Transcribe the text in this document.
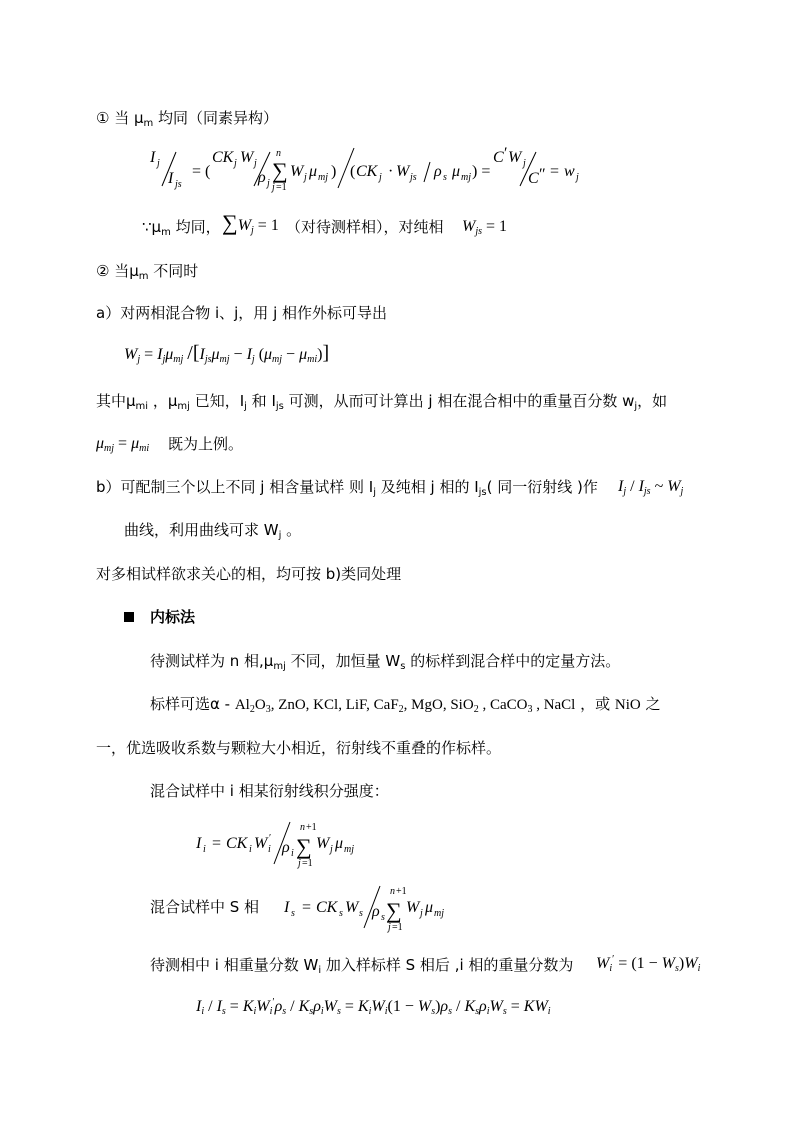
① 当 $\mu_m$ 均同（同素异构）
I j
I js
= (
CK j W j
ρ j
n
∑
j =1
W j μ mj ) ( CK j · W js ρ s μ mj ) =
C ′ W j
C ″ = w j
$\because\mu_m$ 均同， $\sum W_j = 1$ （对待测样相），对纯相 $W_{js} = 1$
② 当$\mu_m$ 不同时
a）对两相混合物 i、j，用 j 相作外标可导出
$W_j = I_j\mu_{mj}$ $/[I_{js}\mu_{mj} - I_j$ $(\mu_{mj} - \mu_{mi})$]
其中$\mu_{mi}$ ，$\mu_{mj}$ 已知，$I_j$ 和 $I_{js}$ 可测，从而可计算出 j 相在混合相中的重量百分数 $w_j$，如
$\mu_{mj} = \mu_{mi}$ 既为上例。
b）可配制三个以上不同 j 相含量试样 则 $I_j$ 及纯相 j 相的 $I_{js}$( 同一衍射线 )作 $I_j / I_{js}$ ~ $W_j$
曲线，利用曲线可求 $W_j$ 。
对多相试样欲求关心的相，均可按 b)类同处理
内标法
待测试样为 n 相$,\mu_{mj}$ 不同，加恒量 $W_s$ 的标样到混合样中的定量方法。
标样可选α - $Al_2O_3$, ZnO, KCl, LiF, CaF$_2$, MgO, SiO$_2$ , CaCO$_3$ , NaCl ，或 NiO 之
一，优选吸收系数与颗粒大小相近，衍射线不重叠的作标样。
混合试样中 i 相某衍射线积分强度：
I i = CK i W i
′
ρ i
n +1
∑
j =1
W j μ mj
混合试样中 S 相 I s = CK s W s ρ s
n +1
∑
j =1
W j μ mj
待测相中 i 相重量分数 $W_i$ 加入样标样 S 相后 ,i 相的重量分数为 $W_i' = (1 - W_s)W_i$
$I_i / I_s = K_iW_i'\rho_s / K_s\rho_iW_s = K_iW_i(1 - W_s)\rho_s / K_s\rho_iW_s = KW_i$
